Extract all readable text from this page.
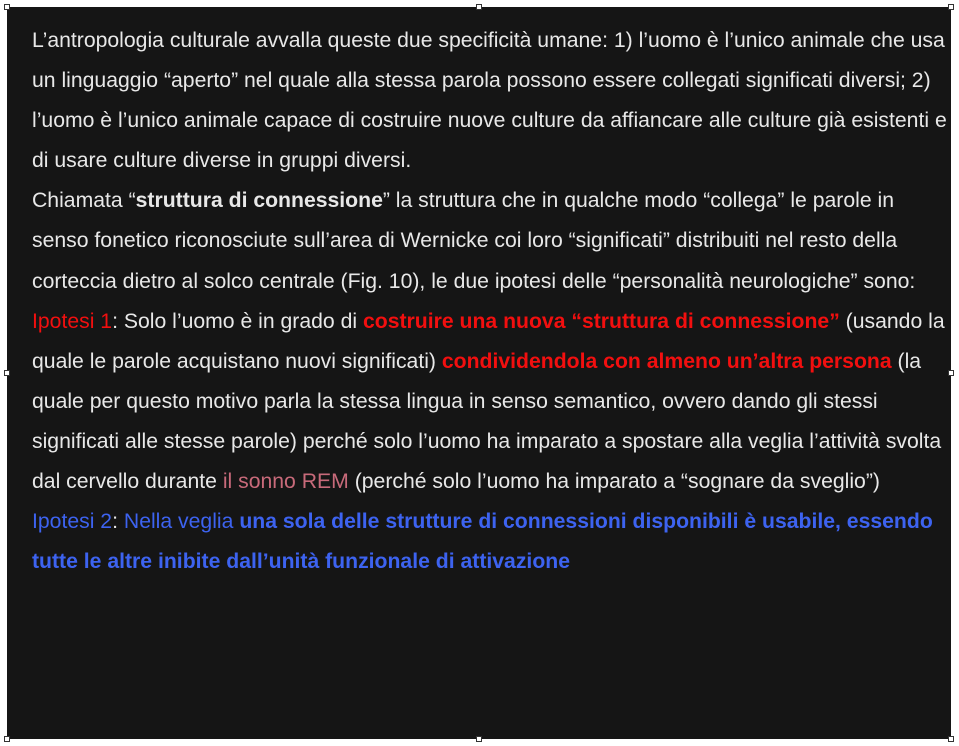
L’antropologia culturale avvalla queste due specificità umane: 1) l’uomo è l’unico animale che usa un linguaggio “aperto” nel quale alla stessa parola possono essere collegati significati diversi; 2) l’uomo è l’unico animale capace di costruire nuove culture da affiancare alle culture già esistenti e di usare culture diverse in gruppi diversi.

Chiamata “struttura di connessione” la struttura che in qualche modo “collega” le parole in senso fonetico riconosciute sull’area di Wernicke coi loro “significati” distribuiti nel resto della corteccia dietro al solco centrale (Fig. 10), le due ipotesi delle “personalità neurologiche” sono:

Ipotesi 1: Solo l’uomo è in grado di costruire una nuova “struttura di connessione” (usando la quale le parole acquistano nuovi significati) condividendola con almeno un’altra persona (la quale per questo motivo parla la stessa lingua in senso semantico, ovvero dando gli stessi significati alle stesse parole) perché solo l’uomo ha imparato a spostare alla veglia l’attività svolta dal cervello durante il sonno REM (perché solo l’uomo ha imparato a “sognare da sveglio”)

Ipotesi 2: Nella veglia una sola delle strutture di connessioni disponibili è usabile, essendo tutte le altre inibite dall’unità funzionale di attivazione
